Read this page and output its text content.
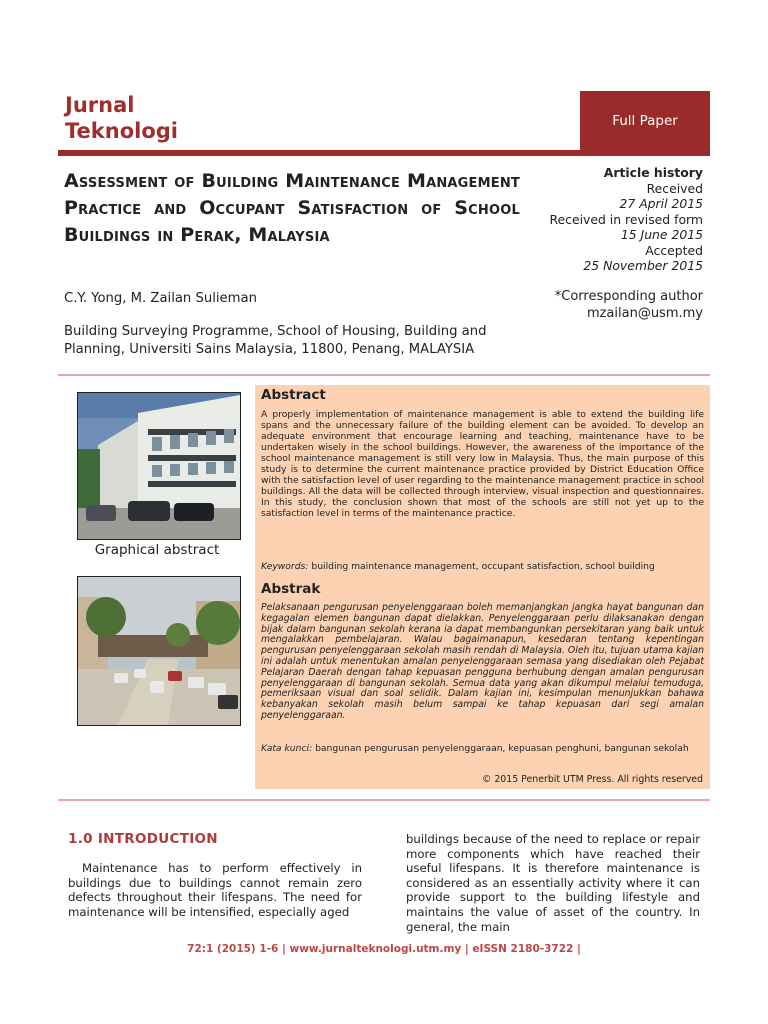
Jurnal
Teknologi	Full Paper
Assessment of Building Maintenance Management Practice and Occupant Satisfaction of School Buildings in Perak, Malaysia
C.Y. Yong, M. Zailan Sulieman
Building Surveying Programme, School of Housing, Building and Planning, Universiti Sains Malaysia, 11800, Penang, MALAYSIA
Article history
Received
27 April 2015
Received in revised form
15 June 2015
Accepted
25 November 2015
*Corresponding author
mzailan@usm.my
Graphical abstract
Abstract
A properly implementation of maintenance management is able to extend the building life spans and the unnecessary failure of the building element can be avoided. To develop an adequate environment that encourage learning and teaching, maintenance have to be undertaken wisely in the school buildings. However, the awareness of the importance of the school maintenance management is still very low in Malaysia. Thus, the main purpose of this study is to determine the current maintenance practice provided by District Education Office with the satisfaction level of user regarding to the maintenance management practice in school buildings. All the data will be collected through interview, visual inspection and questionnaires. In this study, the conclusion shown that most of the schools are still not yet up to the satisfaction level in terms of the maintenance practice.
Keywords: building maintenance management, occupant satisfaction, school building
Abstrak
Pelaksanaan pengurusan penyelenggaraan boleh memanjangkan jangka hayat bangunan dan kegagalan elemen bangunan dapat dielakkan. Penyelenggaraan perlu dilaksanakan dengan bijak dalam bangunan sekolah kerana ia dapat membangunkan persekitaran yang baik untuk mengalakkan pembelajaran. Walau bagaimanapun, kesedaran tentang kepentingan pengurusan penyelenggaraan sekolah masih rendah di Malaysia. Oleh itu, tujuan utama kajian ini adalah untuk menentukan amalan penyelenggaraan semasa yang disediakan oleh Pejabat Pelajaran Daerah dengan tahap kepuasan pengguna berhubung dengan amalan pengurusan penyelenggaraan di bangunan sekolah. Semua data yang akan dikumpul melalui temuduga, pemeriksaan visual dan soal selidik. Dalam kajian ini, kesimpulan menunjukkan bahawa kebanyakan sekolah masih belum sampai ke tahap kepuasan dari segi amalan penyelenggaraan.
Kata kunci: bangunan pengurusan penyelenggaraan, kepuasan penghuni, bangunan sekolah
© 2015 Penerbit UTM Press. All rights reserved
1.0 INTRODUCTION
Maintenance has to perform effectively in buildings due to buildings cannot remain zero defects throughout their lifespans. The need for maintenance will be intensified, especially aged
buildings because of the need to replace or repair more components which have reached their useful lifespans. It is therefore maintenance is considered as an essentially activity where it can provide support to the building lifestyle and maintains the value of asset of the country. In general, the main
72:1 (2015) 1-6 | www.jurnalteknologi.utm.my | eISSN 2180-3722 |
